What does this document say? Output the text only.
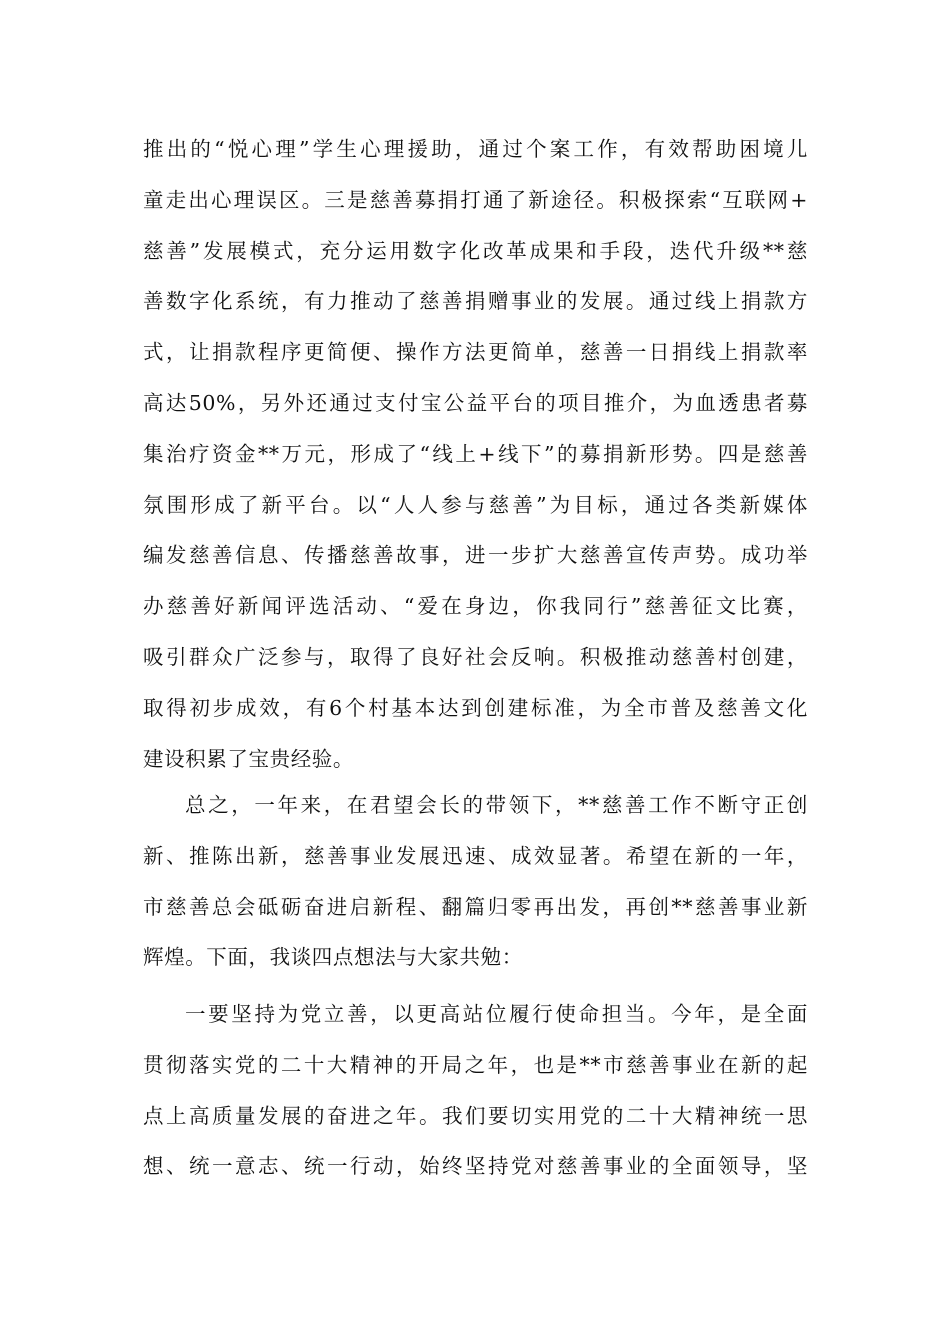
推出的“悦心理”学生心理援助，通过个案工作，有效帮助困境儿
童走出心理误区。三是慈善募捐打通了新途径。积极探索“互联网+
慈善”发展模式，充分运用数字化改革成果和手段，迭代升级**慈
善数字化系统，有力推动了慈善捐赠事业的发展。通过线上捐款方
式，让捐款程序更简便、操作方法更简单，慈善一日捐线上捐款率
高达50%，另外还通过支付宝公益平台的项目推介，为血透患者募
集治疗资金**万元，形成了“线上+线下”的募捐新形势。四是慈善
氛围形成了新平台。以“人人参与慈善”为目标，通过各类新媒体
编发慈善信息、传播慈善故事，进一步扩大慈善宣传声势。成功举
办慈善好新闻评选活动、“爱在身边，你我同行”慈善征文比赛，
吸引群众广泛参与，取得了良好社会反响。积极推动慈善村创建，
取得初步成效，有6个村基本达到创建标准，为全市普及慈善文化
建设积累了宝贵经验。
总之，一年来，在君望会长的带领下，**慈善工作不断守正创
新、推陈出新，慈善事业发展迅速、成效显著。希望在新的一年，
市慈善总会砥砺奋进启新程、翻篇归零再出发，再创**慈善事业新
辉煌。下面，我谈四点想法与大家共勉：
一要坚持为党立善，以更高站位履行使命担当。今年，是全面
贯彻落实党的二十大精神的开局之年，也是**市慈善事业在新的起
点上高质量发展的奋进之年。我们要切实用党的二十大精神统一思
想、统一意志、统一行动，始终坚持党对慈善事业的全面领导，坚
